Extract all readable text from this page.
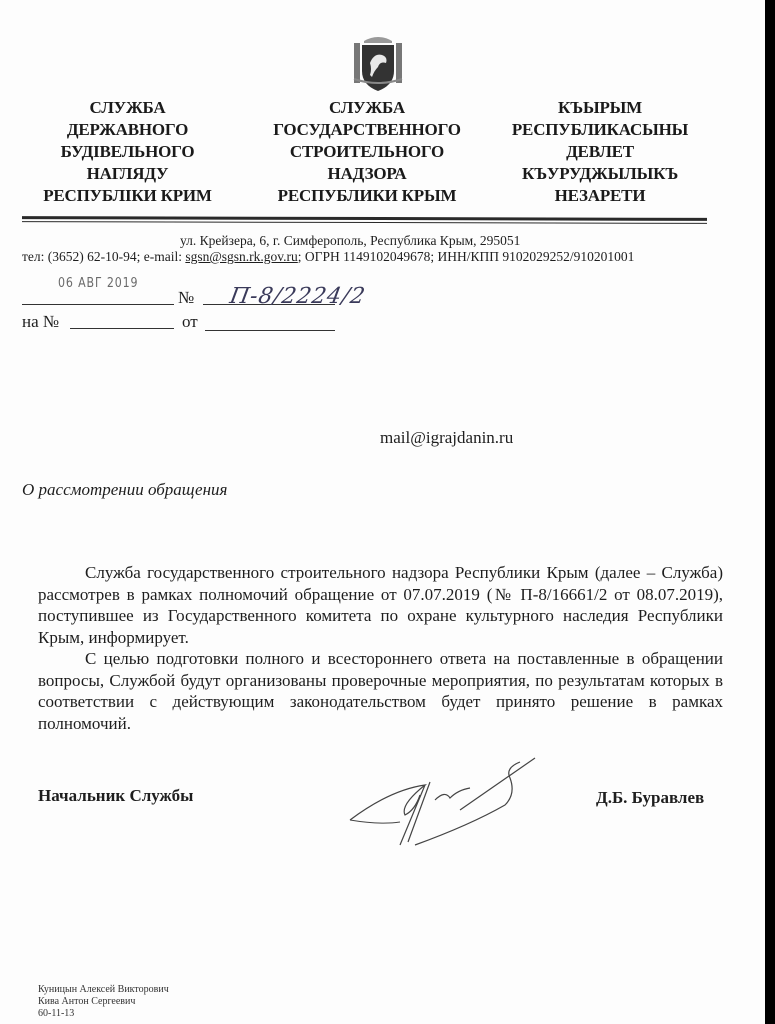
СЛУЖБА
ДЕРЖАВНОГО
БУДІВЕЛЬНОГО
НАГЛЯДУ
РЕСПУБЛІКИ КРИМ
СЛУЖБА
ГОСУДАРСТВЕННОГО
СТРОИТЕЛЬНОГО
НАДЗОРА
РЕСПУБЛИКИ КРЫМ
КЪЫРЫМ
РЕСПУБЛИКАСЫНЫ
ДЕВЛЕТ
КЪУРУДЖЫЛЫКЪ
НЕЗАРЕТИ
ул. Крейзера, 6, г. Симферополь, Республика Крым, 295051
тел: (3652) 62-10-94; e-mail: sgsn@sgsn.rk.gov.ru; ОГРН 1149102049678; ИНН/КПП 9102029252/910201001
06 АВГ 2019
№ П-8/2224/2
на №	от
mail@igrajdanin.ru
О рассмотрении обращения

Служба государственного строительного надзора Республики Крым (далее – Служба) рассмотрев в рамках полномочий обращение от 07.07.2019 (№ П-8/16661/2 от 08.07.2019), поступившее из Государственного комитета по охране культурного наследия Республики Крым, информирует.

С целью подготовки полного и всестороннего ответа на поставленные в обращении вопросы, Службой будут организованы проверочные мероприятия, по результатам которых в соответствии с действующим законодательством будет принято решение в рамках полномочий.

Начальник Службы	Д.Б. Буравлев
Куницын Алексей Викторович
Кива Антон Сергеевич
60-11-13
